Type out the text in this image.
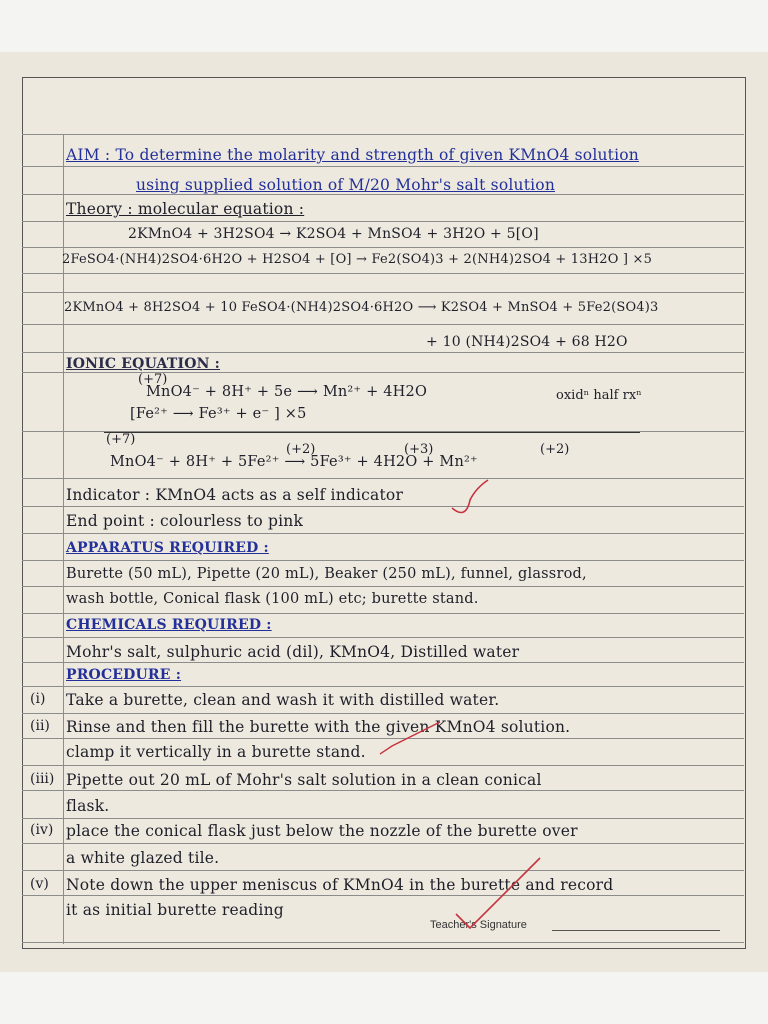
AIM : To determine the molarity and strength of given KMnO4 solution
using supplied solution of M/20 Mohr's salt solution
Theory : molecular equation :
2KMnO4 + 3H2SO4 → K2SO4 + MnSO4 + 3H2O + 5[O]
2FeSO4·(NH4)2SO4·6H2O + H2SO4 + [O] → Fe2(SO4)3 + 2(NH4)2SO4 + 13H2O ] ×5
2KMnO4 + 8H2SO4 + 10 FeSO4·(NH4)2SO4·6H2O ⟶ K2SO4 + MnSO4 + 5Fe2(SO4)3
+ 10 (NH4)2SO4 + 68 H2O
IONIC EQUATION :
(+7)
MnO4⁻ + 8H⁺ + 5e ⟶ Mn²⁺ + 4H2O	oxidⁿ half rxⁿ
[Fe²⁺ ⟶ Fe³⁺ + e⁻ ] ×5
(+7)
(+2)	(+3)	(+2)
MnO4⁻ + 8H⁺ + 5Fe²⁺ ⟶ 5Fe³⁺ + 4H2O + Mn²⁺
Indicator : KMnO4 acts as a self indicator
End point : colourless to pink
APPARATUS REQUIRED :
Burette (50 mL), Pipette (20 mL), Beaker (250 mL), funnel, glassrod,
wash bottle, Conical flask (100 mL) etc; burette stand.
CHEMICALS REQUIRED :
Mohr's salt, sulphuric acid (dil), KMnO4, Distilled water
PROCEDURE :
(i) Take a burette, clean and wash it with distilled water.
(ii) Rinse and then fill the burette with the given KMnO4 solution.
clamp it vertically in a burette stand.
(iii) Pipette out 20 mL of Mohr's salt solution in a clean conical
flask.
(iv) place the conical flask just below the nozzle of the burette over
a white glazed tile.
(v) Note down the upper meniscus of KMnO4 in the burette and record
it as initial burette reading
Teacher's Signature
